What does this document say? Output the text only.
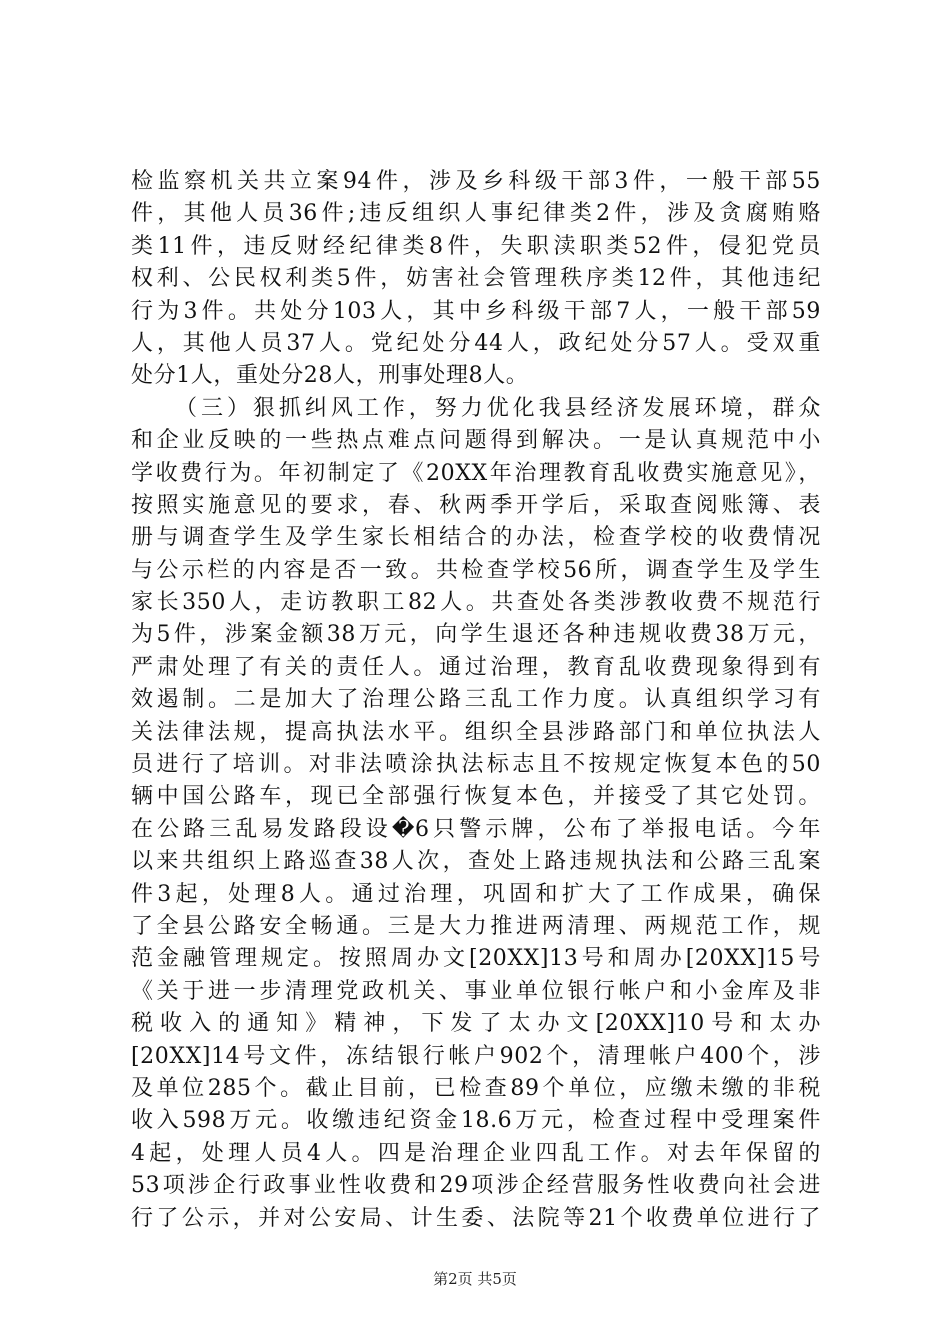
检监察机关共立案94件，涉及乡科级干部3件，一般干部55
件，其他人员36件;违反组织人事纪律类2件，涉及贪腐贿赂
类11件，违反财经纪律类8件，失职渎职类52件，侵犯党员
权利、公民权利类5件，妨害社会管理秩序类12件，其他违纪
行为3件。共处分103人，其中乡科级干部7人，一般干部59
人，其他人员37人。党纪处分44人，政纪处分57人。受双重
处分1人，重处分28人，刑事处理8人。
（三）狠抓纠风工作，努力优化我县经济发展环境，群众
和企业反映的一些热点难点问题得到解决。一是认真规范中小
学收费行为。年初制定了《20XX年治理教育乱收费实施意见》，
按照实施意见的要求，春、秋两季开学后，采取查阅账簿、表
册与调查学生及学生家长相结合的办法，检查学校的收费情况
与公示栏的内容是否一致。共检查学校56所，调查学生及学生
家长350人，走访教职工82人。共查处各类涉教收费不规范行
为5件，涉案金额38万元，向学生退还各种违规收费38万元，
严肃处理了有关的责任人。通过治理，教育乱收费现象得到有
效遏制。二是加大了治理公路三乱工作力度。认真组织学习有
关法律法规，提高执法水平。组织全县涉路部门和单位执法人
员进行了培训。对非法喷涂执法标志且不按规定恢复本色的50
辆中国公路车，现已全部强行恢复本色，并接受了其它处罚。
在公路三乱易发路段设�6只警示牌，公布了举报电话。今年
以来共组织上路巡查38人次，查处上路违规执法和公路三乱案
件3起，处理8人。通过治理，巩固和扩大了工作成果，确保
了全县公路安全畅通。三是大力推进两清理、两规范工作，规
范金融管理规定。按照周办文[20XX]13号和周办[20XX]15号
《关于进一步清理党政机关、事业单位银行帐户和小金库及非
税收入的通知》精神，下发了太办文[20XX]10号和太办
[20XX]14号文件，冻结银行帐户902个，清理帐户400个，涉
及单位285个。截止目前，已检查89个单位，应缴未缴的非税
收入598万元。收缴违纪资金18.6万元，检查过程中受理案件
4起，处理人员4人。四是治理企业四乱工作。对去年保留的
53项涉企行政事业性收费和29项涉企经营服务性收费向社会进
行了公示，并对公安局、计生委、法院等21个收费单位进行了
第2页 共5页
